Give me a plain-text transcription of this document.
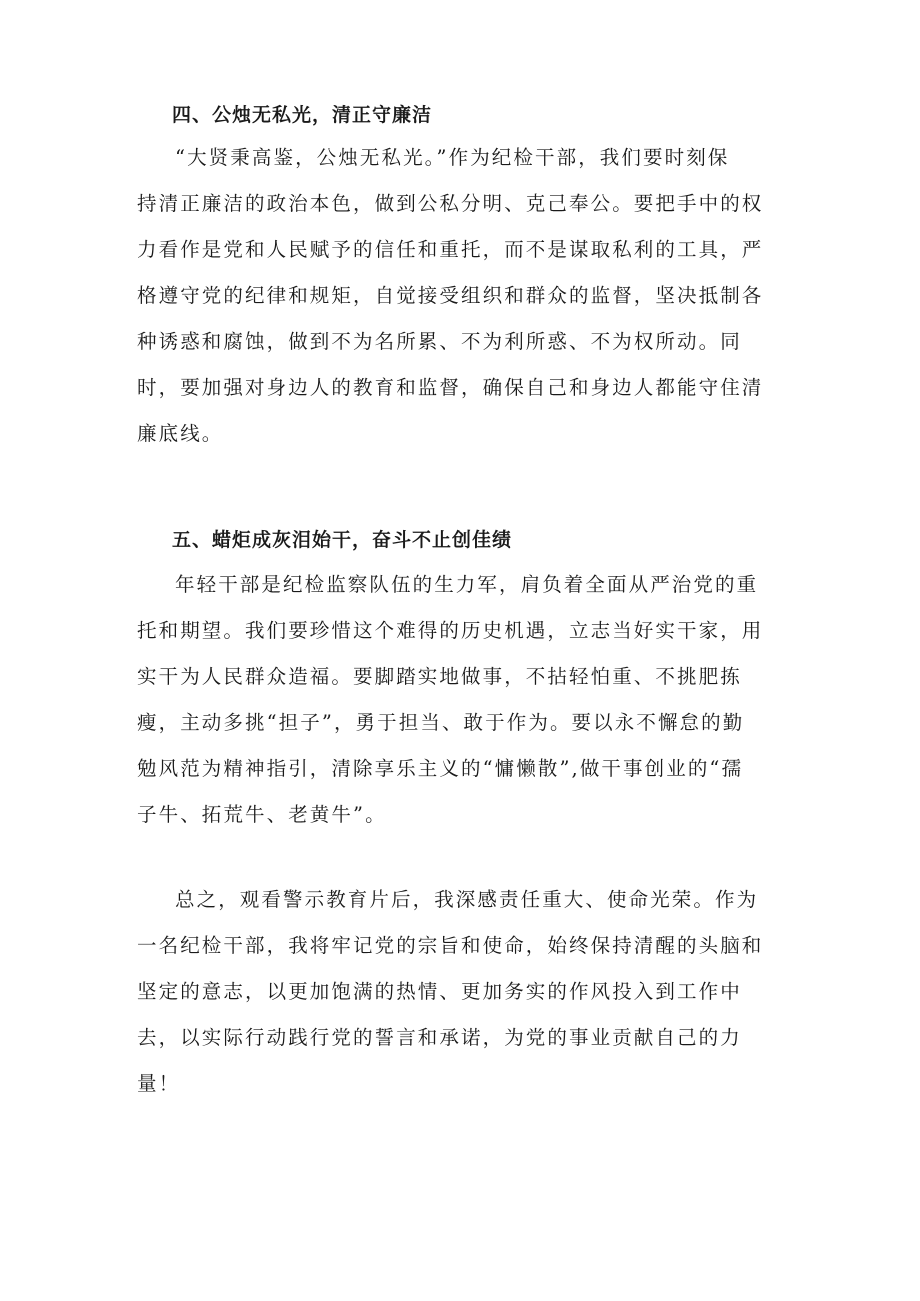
四、公烛无私光，清正守廉洁
“大贤秉高鉴，公烛无私光。”作为纪检干部，我们要时刻保
持清正廉洁的政治本色，做到公私分明、克己奉公。要把手中的权
力看作是党和人民赋予的信任和重托，而不是谋取私利的工具，严
格遵守党的纪律和规矩，自觉接受组织和群众的监督，坚决抵制各
种诱惑和腐蚀，做到不为名所累、不为利所惑、不为权所动。同
时，要加强对身边人的教育和监督，确保自己和身边人都能守住清
廉底线。
五、蜡炬成灰泪始干，奋斗不止创佳绩
年轻干部是纪检监察队伍的生力军，肩负着全面从严治党的重
托和期望。我们要珍惜这个难得的历史机遇，立志当好实干家，用
实干为人民群众造福。要脚踏实地做事，不拈轻怕重、不挑肥拣
瘦，主动多挑“担子”，勇于担当、敢于作为。要以永不懈怠的勤
勉风范为精神指引，清除享乐主义的“慵懒散”,做干事创业的“孺
子牛、拓荒牛、老黄牛”。
总之，观看警示教育片后，我深感责任重大、使命光荣。作为
一名纪检干部，我将牢记党的宗旨和使命，始终保持清醒的头脑和
坚定的意志，以更加饱满的热情、更加务实的作风投入到工作中
去，以实际行动践行党的誓言和承诺，为党的事业贡献自己的力
量！
